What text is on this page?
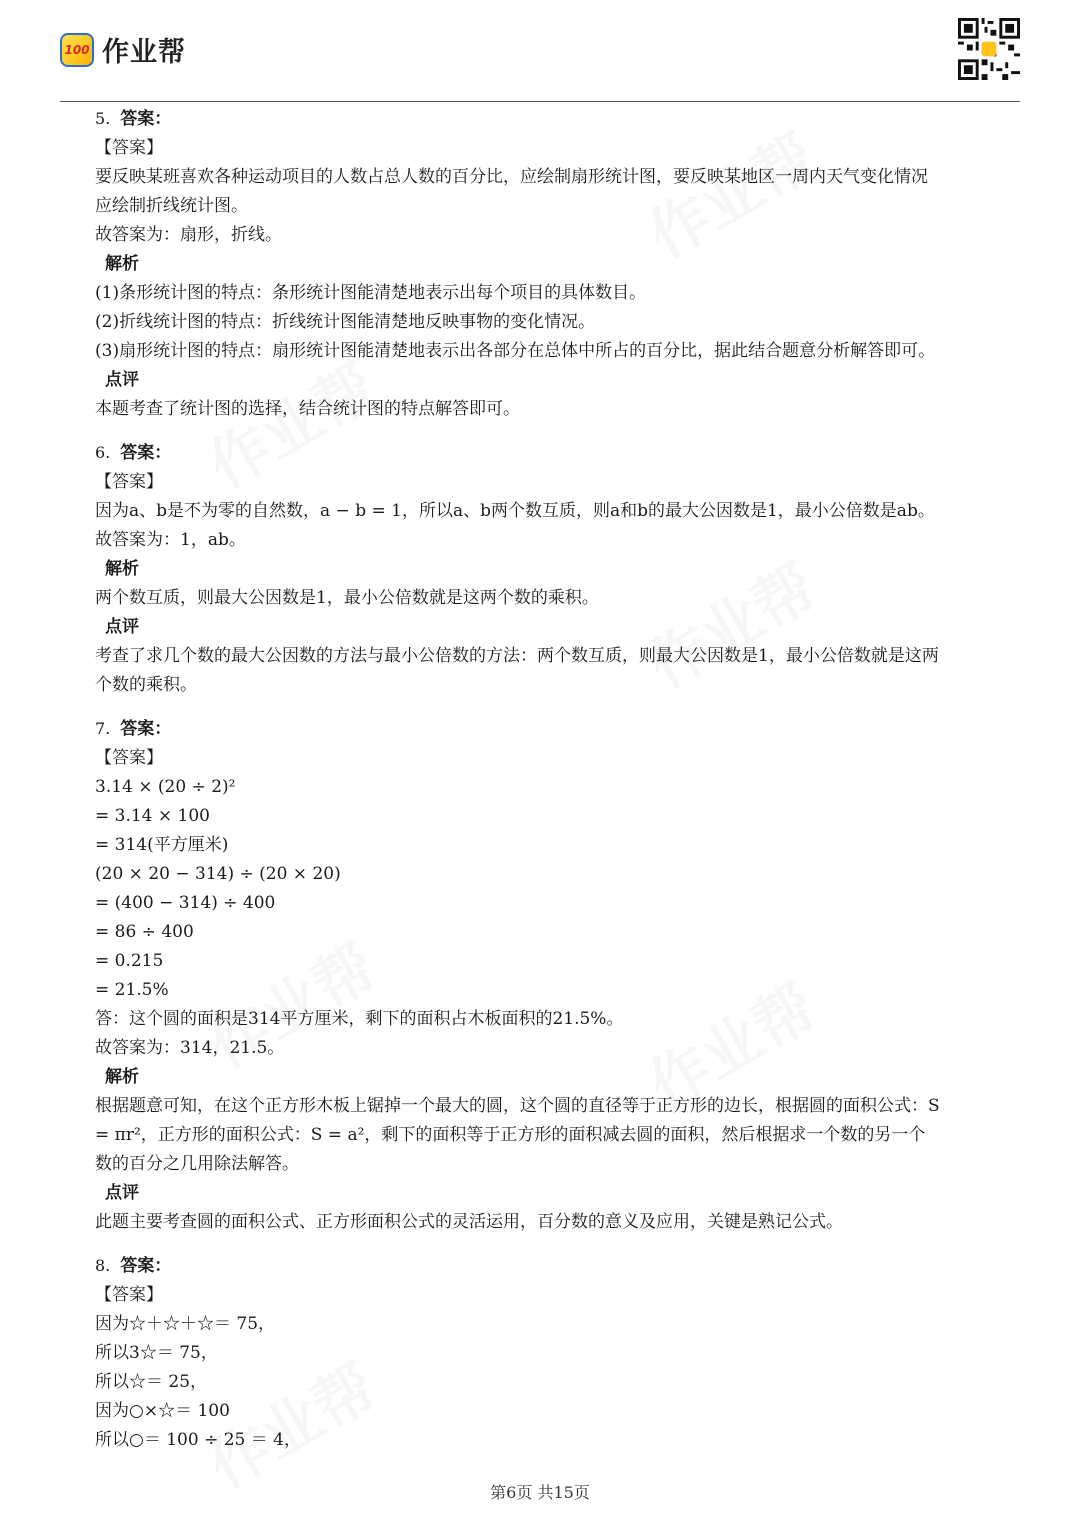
100 作业帮
5. 答案：
【答案】
要反映某班喜欢各种运动项目的人数占总人数的百分比，应绘制扇形统计图，要反映某地区一周内天气变化情况
应绘制折线统计图。
故答案为：扇形，折线。
解析
(1)条形统计图的特点：条形统计图能清楚地表示出每个项目的具体数目。
(2)折线统计图的特点：折线统计图能清楚地反映事物的变化情况。
(3)扇形统计图的特点：扇形统计图能清楚地表示出各部分在总体中所占的百分比，据此结合题意分析解答即可。
点评
本题考查了统计图的选择，结合统计图的特点解答即可。
6. 答案：
【答案】
因为a、b是不为零的自然数，a − b = 1，所以a、b两个数互质，则a和b的最大公因数是1，最小公倍数是ab。
故答案为：1，ab。
解析
两个数互质，则最大公因数是1，最小公倍数就是这两个数的乘积。
点评
考查了求几个数的最大公因数的方法与最小公倍数的方法：两个数互质，则最大公因数是1，最小公倍数就是这两
个数的乘积。
7. 答案：
【答案】
3.14 × (20 ÷ 2)²
= 3.14 × 100
= 314(平方厘米)
(20 × 20 − 314) ÷ (20 × 20)
= (400 − 314) ÷ 400
= 86 ÷ 400
= 0.215
= 21.5%
答：这个圆的面积是314平方厘米，剩下的面积占木板面积的21.5%。
故答案为：314，21.5。
解析
根据题意可知，在这个正方形木板上锯掉一个最大的圆，这个圆的直径等于正方形的边长，根据圆的面积公式：S
= πr²，正方形的面积公式：S = a²，剩下的面积等于正方形的面积减去圆的面积，然后根据求一个数的另一个
数的百分之几用除法解答。
点评
此题主要考查圆的面积公式、正方形面积公式的灵活运用，百分数的意义及应用，关键是熟记公式。
8. 答案：
【答案】
因为☆＋☆＋☆＝ 75，
所以3☆＝ 75，
所以☆＝ 25，
因为○×☆＝ 100
所以○＝ 100 ÷ 25 ＝ 4，
第6页 共15页
